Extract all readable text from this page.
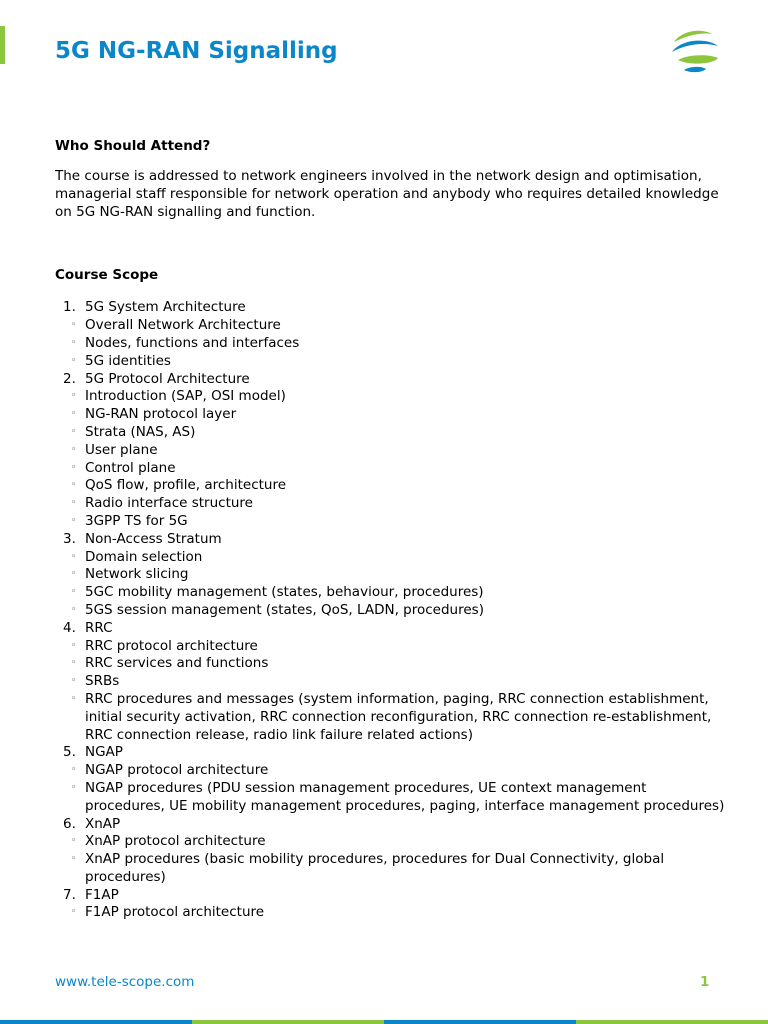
5G NG-RAN Signalling
Who Should Attend?

The course is addressed to network engineers involved in the network design and optimisation, managerial staff responsible for network operation and anybody who requires detailed knowledge on 5G NG-RAN signalling and function.

Course Scope
1. 5G System Architecture
◦ Overall Network Architecture
◦ Nodes, functions and interfaces
◦ 5G identities
2. 5G Protocol Architecture
◦ Introduction (SAP, OSI model)
◦ NG-RAN protocol layer
◦ Strata (NAS, AS)
◦ User plane
◦ Control plane
◦ QoS flow, profile, architecture
◦ Radio interface structure
◦ 3GPP TS for 5G
3. Non-Access Stratum
◦ Domain selection
◦ Network slicing
◦ 5GC mobility management (states, behaviour, procedures)
◦ 5GS session management (states, QoS, LADN, procedures)
4. RRC
◦ RRC protocol architecture
◦ RRC services and functions
◦ SRBs
◦ RRC procedures and messages (system information, paging, RRC connection establishment, initial security activation, RRC connection reconfiguration, RRC connection re-establishment, RRC connection release, radio link failure related actions)
5. NGAP
◦ NGAP protocol architecture
◦ NGAP procedures (PDU session management procedures, UE context management procedures, UE mobility management procedures, paging, interface management procedures)
6. XnAP
◦ XnAP protocol architecture
◦ XnAP procedures (basic mobility procedures, procedures for Dual Connectivity, global procedures)
7. F1AP
◦ F1AP protocol architecture
www.tele-scope.com	1
